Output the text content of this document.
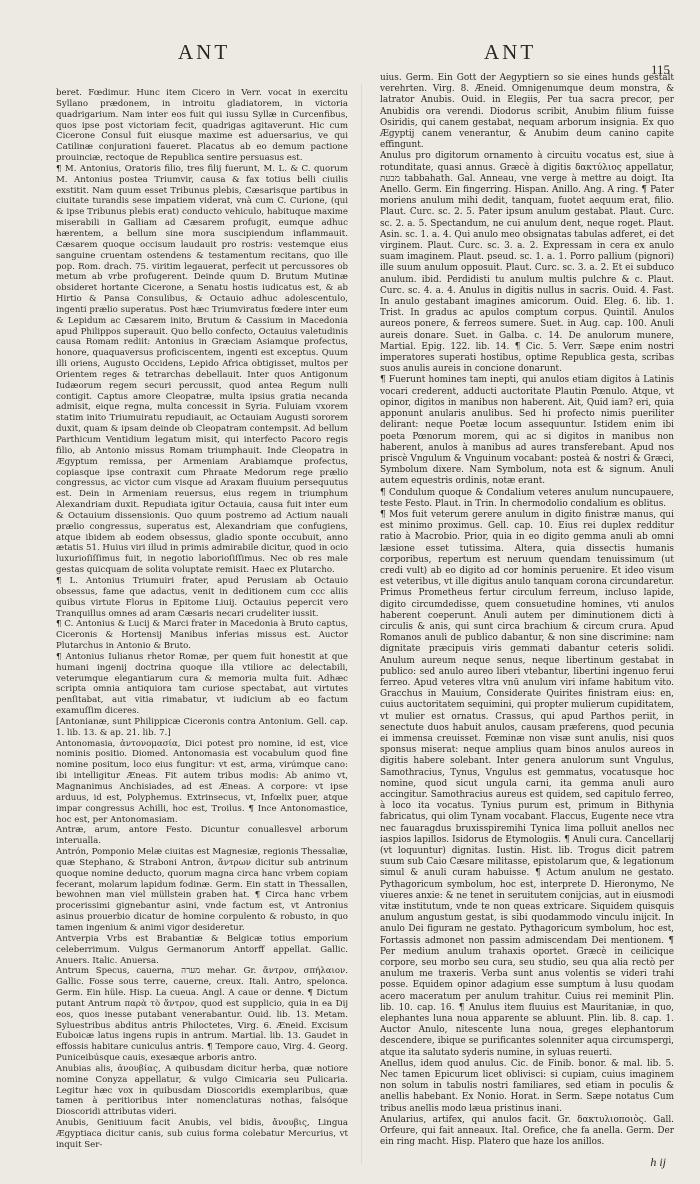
ANT	ANT
115

beret. Fœdimur. Hunc item Cicero in Verr. vocat in exercitu Syllano prædonem, in introitu gladiatorem, in victoria quadrigarium. Nam inter eos fuit qui iussu Syllæ in Curcenfibus, quos ipse post victoriam fecit, quadrigas agitaverunt. Hic cum Cicerone Consul fuit eiusque maxime est aduersarius, ve qui Catilinæ conjurationi faueret. Placatus ab eo demum pactione prouinciæ, rectoque de Republica sentire persuasus est.

¶ M. Antonius, Oratoris filio, tres filij fuerunt, M. L. & C. quorum M. Antonius postea Triumvir, causa & fax totius belli ciuilis exstitit. Nam quum esset Tribunus plebis, Cæsarisque partibus in ciuitate turandis sese impatiem viderat, vnà cum C. Curione, (qui & ipse Tribunus plebis erat) conducto vehiculo, habituque maxime miserabili in Galliam ad Cæsarem profugit, eumque adhuc hærentem, a bellum sine mora suscipiendum inflammauit. Cæsarem quoque occisum laudauit pro rostris: vestemque eius sanguine cruentam ostendens & testamentum recitans, quo ille pop. Rom. drach. 75. viritim legauerat, perfecit ut percussores ob metum ab vrbe profugerent. Deinde quum D. Brutum Mutinæ obsideret hortante Cicerone, a Senatu hostis iudicatus est, & ab Hirtio & Pansa Consulibus, & Octauio adhuc adolescentulo, ingenti prælio superatus. Post hæc Triumviratus fœdere inter eum & Lepidum ac Cæsarem inito, Brutum & Cassium in Macedonia apud Philippos superauit. Quo bello confecto, Octauius valetudinis causa Romam rediit: Antonius in Græciam Asiamque profectus, honore, quaquaversus proficiscentem, ingenti est exceptus. Quum illi oriens, Augusto Occidens, Lepido Africa obtigisset, multos per Orientem reges & tetrarchas debellauit. Inter quos Antigonum Iudæorum regem securi percussit, quod antea Regum nulli contigit. Captus amore Cleopatræ, multa ipsius gratia necanda admisit, eique regna, multa concessit in Syria. Fuluiam vxorem statim inito Triumuiratu repudiauit, ac Octauiam Augusti sororem duxit, quam & ipsam deinde ob Cleopatram contempsit. Ad bellum Parthicum Ventidium legatum misit, qui interfecto Pacoro regis filio, ab Antonio missus Romam triumphauit. Inde Cleopatra in Ægyptum remissa, per Armeniam Arabiamque profectus, copiasque ipse contraxit cum Phraate Medorum rege prælio congressus, ac victor cum visque ad Araxam fluuium persequutus est. Dein in Armeniam reuersus, eius regem in triumphum Alexandriam duxit. Repudiata igitur Octauia, causa fuit inter eum & Octauium dissensionis. Quo quum postremo ad Actium nauali prælio congressus, superatus est, Alexandriam que confugiens, atque ibidem ab eodem obsessus, gladio sponte occubuit, anno ætatis 51. Huius viri illud in primis admirabile dicitur, quod in ocio luxurioſiſſimus fuit, in negotio laborioſiſſimus. Nec ob res male gestas quicquam de solita voluptate remisit. Haec ex Plutarcho.

¶ L. Antonius Triumuiri frater, apud Perusiam ab Octauio obsessus, fame que adactus, venit in deditionem cum ccc aliis quibus virtute Florus in Epitome Liuij. Octauius pepercit vero Tranquillus omnes ad aram Cæsaris necari crudeliter iussit.

¶ C. Antonius & Lucij & Marci frater in Macedonia à Bruto captus, Ciceronis & Hortensij Manibus inferias missus est. Auctor Plutarchus in Antonio & Bruto.

¶ Antonius Iulianus rhetor Romæ, per quem fuit honestit at que humani ingenij doctrina quoque illa vtiliore ac delectabili, veterumque elegantiarum cura & memoria multa fuit. Adhæc scripta omnia antiquiora tam curiose spectabat, aut virtutes penſitabat, aut vitia rimabatur, vt iudicium ab eo factum examuſſim diceres.

[Antonianæ, sunt Philippicæ Ciceronis contra Antonium. Gell. cap. 1. lib. 13. & ap. 21. lib. 7.]

Antonomasia, ἀντονομασία, Dici potest pro nomine, id est, vice nominis positio. Diomed. Antonomasia est vocabulum quod fine nomine positum, loco eius fungitur: vt est, arma, virúmque cano: ibi intelligitur Æneas. Fit autem tribus modis: Ab animo vt, Magnanimus Anchisiades, ad est Æneas. A corpore: vt ipse arduus, id est, Polyphemus. Extrinsecus, vt, Infœlix puer, atque impar congressus Achilli, hoc est, Troilus. ¶ Ince Antonomastice, hoc est, per Antonomasiam.

Antræ, arum, antore Festo. Dicuntur conuallesvel arborum interualla.

Antrón, Pomponio Melæ ciuitas est Magnesiæ, regionis Thessaliæ, quæ Stephano, & Straboni Antron, ἄντρων dicitur sub antrinum quoque nomine deducto, quorum magna circa hanc vrbem copiam fecerant, molarum lapidum fodinæ. Germ. Ein statt in Thessallen, bewohnen man viel müllstein graben hat. ¶ Circa hanc vrbem procerissimi gignebantur asini, vnde factum est, vt Antronius asinus prouerbio dicatur de homine corpulento & robusto, in quo tamen ingenium & animi vigor desideretur.

Antverpia Vrbs est Brabantiæ & Belgicæ totius emporium celeberrimum. Vulgus Germanorum Antorff appellat. Gallic. Anuers. Italic. Anuersa.

Antrum Specus, cauerna, מערה mehar. Gr. ἄντρον, σπήλαιον. Gallic. Fosse sous terre, cauerne, creux. Itali. Antro, spelonca. Germ. Ein hüle. Hisp. La cueua. Angl. A caue or denne. ¶ Dictum putant Antrum παρὰ τὸ ἄντρον, quod est supplicio, quia in ea Dij eos, quos inesse putabant venerabantur. Ouid. lib. 13. Metam. Syluestribus abditus antris Philoctetes, Virg. 6. Æneid. Excisum Euboicæ latus ingens rupis in antrum. Martial. lib. 13. Gaudet in effossis habitare cuniculus antris. ¶ Tempore cauo, Virg. 4. Georg. Puniceibúsque cauis, exesæque arboris antro.

Anubias alis, ἀνουβίας, A quibusdam dicitur herba, quæ notiore nomine Conyza appellatur, & vulgo Cimicaria seu Pulicaria. Legitur hæc vox in quibusdam Dioscoridis exemplaribus, quæ tamen à peritioribus inter nomenclaturas nothas, falsóque Dioscoridi attributas videri.

Anubis, Genitiuum facit Anubis, vel bidis, ἄνουβις, Lingua Ægyptiaca dicitur canis, sub cuius forma colebatur Mercurius, vt inquit Ser-

uius. Germ. Ein Gott der Aegyptiern so sie eines hunds gestalt verehrten. Virg. 8. Æneid. Omnigenumque deum monstra, & latrator Anubis. Ouid. in Elegiis, Per tua sacra precor, per Anubidis ora verendi. Diodorus scribit, Anubim filium fuisse Osiridis, qui canem gestabat, nequam arborum insignia. Ex quo Ægyptij canem venerantur, & Anubim deum canino capite effingunt.

Anulus pro digitorum ornamento à circuitu vocatus est, siue à rotunditate, quasi annus. Græcè à digitis δακτύλιος appellatur, מבעת tabbahath. Gal. Anneau, vne verge à mettre au doigt. Ita Anello. Germ. Ein fingerring. Hispan. Anillo. Ang. A ring. ¶ Pater moriens anulum mihi dedit, tanquam, fuotet aequum erat, filio. Plaut. Curc. sc. 2. 5. Pater ipsum anulum gestabat. Plaut. Curc. sc. 2. a. 5. Spectandum, ne cui anulum dent, neque roget. Plaut. Asin. sc. 1. a. 4. Qui anulo meo obsignatas tabulas adferet, ei det virginem. Plaut. Curc. sc. 3. a. 2. Expressam in cera ex anulo suam imaginem. Plaut. pseud. sc. 1. a. 1. Porro pallium (pignori) ille suum anulum opposuit. Plaut. Curc. sc. 3. a. 2. Et ei subduco anulum. ibid. Perdidisti tu anulum multis pulchre & c. Plaut. Curc. sc. 4. a. 4. Anulus in digitis nullus in sacris. Ouid. 4. Fast. In anulo gestabant imagines amicorum. Ouid. Eleg. 6. lib. 1. Trist. In gradus ac apulos comptum corpus. Quintil. Anulos aureos ponere, & ferreos sumere. Suet. in Aug. cap. 100. Anuli aureis donare. Suet. in Galba. c. 14. De anulorum munere, Martial. Epig. 122. lib. 14. ¶ Cic. 5. Verr. Sæpe enim nostri imperatores superati hostibus, optime Republica gesta, scribas suos anulis aureis in concione donarunt.

¶ Fuerunt homines tam inepti, qui anulos etiam digitos à Latinis vocari crederent, adducti auctoritate Plautin Pœnulo. Atque, vt opinor, digitos in manibus non haberent. Ait, Quid iam? eri, quia apponunt anularis anulibus. Sed hi profecto nimis pueriliter delirant: neque Poetæ locum assequuntur. Istidem enim ibi poeta Pœnorum morem, qui ac si digitos in manibus non haberent, anulos à manibus ad aures transferebant. Apud nos priscè Vngulum & Vnguinum vocabant: posteà & nostri & Græci, Symbolum dixere. Nam Symbolum, nota est & signum. Anuli autem equestris ordinis, notæ erant.

¶ Condulum quoque & Condalium veteres anulum nuncupauere, teste Festo. Plaut. in Trin. In chermodolio condalium es oblitus.

¶ Mos fuit veterum gerere anulum in digito finistræ manus, qui est minimo proximus. Gell. cap. 10. Eius rei duplex redditur ratio à Macrobio. Prior, quia in eo digito gemma anuli ab omni læsione esset tutissima. Altera, quia dissectis humanis corporibus, repertum est neruum quendam tenuissimum (ut credi vult) ab eo digito ad cor hominis peruenire. Et ideo visum est veteribus, vt ille digitus anulo tanquam corona circundaretur. Primus Prometheus fertur circulum ferreum, incluso lapide, digito circumdedisse, quem consuetudine homines, vti anulos haberent coeperunt. Anuli autem per diminutionem dicti à circulis & anis, qui sunt circa brachium & circum crura. Apud Romanos anuli de publico dabantur, & non sine discrimine: nam dignitate præcipuis viris gemmati dabantur ceteris solidi. Anulum aureum neque senus, neque libertinum gestabat in publico: sed anulo aureo liberi vtebantur, libertini ingenuo ferui ferreo. Apud veteres vltra vnū anulum viri infame habitum vito. Gracchus in Mauium, Considerate Quirites finistram eius: en, cuius auctoritatem sequimini, qui propter mulierum cupiditatem, vt mulier est ornatus. Crassus, qui apud Parthos periit, in senectute duos habuit anulos, causam præferens, quod pecunia ei immensa creuisset. Fœminæ non visæ sunt anulis, nisi quos sponsus miserat: neque amplius quam binos anulos aureos in digitis habere solebant. Inter genera anulorum sunt Vngulus, Samothracius, Tynus, Vngulus est gemmatus, vocatusque hoc nomine, quod sicut ungula carni, ita gemma anuli auro accingitur. Samothracius aureus est quidem, sed capitulo ferreo, à loco ita vocatus. Tynius purum est, primum in Bithynia fabricatus, qui olim Tynam vocabant. Flaccus, Eugente nece vtra nec fauaragdus bruxisspiremihi Tynica lima polluit anellos nec iaspios lapillos. Isidorus de Etymologiis. ¶ Anuli cura. Cancellarij (vt loquuntur) dignitas. Iustin. Hist. lib. Trogus dicit patrem suum sub Caio Cæsare militasse, epistolarum que, & legationum simul & anuli curam habuisse. ¶ Actum anulum ne gestato. Pythagoricum symbolum, hoc est, interprete D. Hieronymo, Ne viueres anxie: & ne tenet in seruitutem conijcias, aut in eiusmodi vitæ institutum, vnde te non queas extricare. Siquidem quisquis anulum angustum gestat, is sibi quodammodo vinculu inijcit. In anulo Dei figuram ne gestato. Pythagoricum symbolum, hoc est, Fortassis admonet non passim admiscendam Dei mentionem. ¶ Per medium anulum trahaxis oportet. Græcè in ceilicique corpore, seu morbo seu cura, seu studio, seu qua alia rectò per anulum me traxeris. Verba sunt anus volentis se videri trahi posse. Equidem opinor adagium esse sumptum à lusu quodam acero maceratum per anulum trahitur. Cuius rei meminit Plin. lib. 10. cap. 16. ¶ Anulus item fluuius est Mauritaniæ, in quo, elephantes luna noua apparente se abluunt. Plin. lib. 8. cap. 1. Auctor Anulo, nitescente luna noua, greges elephantorum descendere, ibique se purificantes solenniter aqua circumspergi, atque ita salutato syderis numine, in syluas reuerti.

Anellus, idem quod anulus. Cic. de Finib. bonor. & mal. lib. 5. Nec tamen Epicurum licet oblivisci: si cupiam, cuius imaginem non solum in tabulis nostri familiares, sed etiam in poculis & anellis habebant. Ex Nonio. Horat. in Serm. Sæpe notatus Cum tribus anellis modo læua pristinus inani.

Anularius, artifex, qui anulos facit. Gr. δακτυλιοποιὸς. Gall. Orfeure, qui fait anneaux. Ital. Orefice, che fa anella. Germ. Der ein ring macht. Hisp. Platero que haze los anillos.

h ij
